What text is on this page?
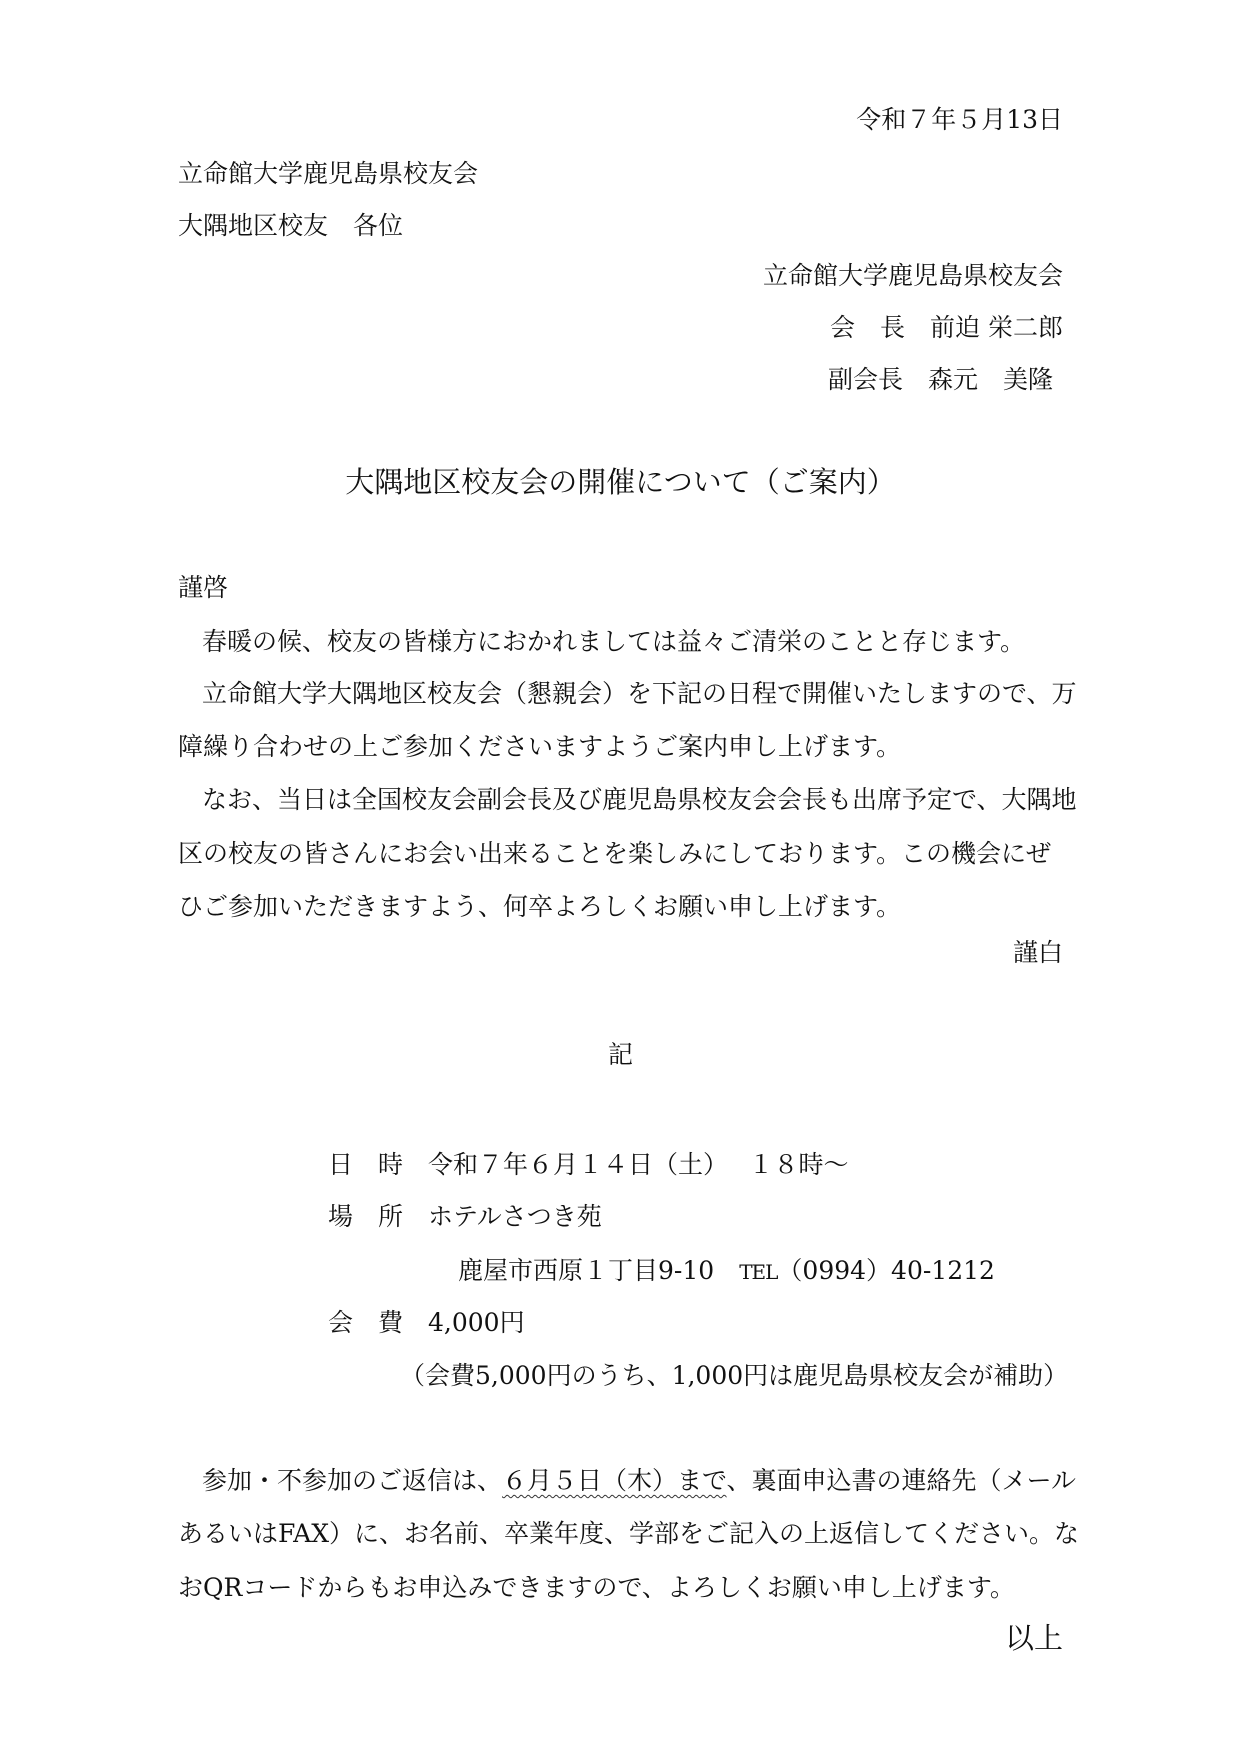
令和７年５月13日
立命館大学鹿児島県校友会
大隅地区校友　各位
立命館大学鹿児島県校友会
会　長　前迫 栄二郎
副会長　森元　美隆
大隅地区校友会の開催について（ご案内）
謹啓
春暖の候、校友の皆様方におかれましては益々ご清栄のことと存じます。
立命館大学大隅地区校友会（懇親会）を下記の日程で開催いたしますので、万
障繰り合わせの上ご参加くださいますようご案内申し上げます。
なお、当日は全国校友会副会長及び鹿児島県校友会会長も出席予定で、大隅地
区の校友の皆さんにお会い出来ることを楽しみにしております。この機会にぜ
ひご参加いただきますよう、何卒よろしくお願い申し上げます。
謹白
記
日　時 令和７年６月１４日（土）　 １８時～
場　所 ホテルさつき苑
鹿屋市西原１丁目9-10　 TEL（0994）40-1212
会　費 4,000円
（会費5,000円のうち、1,000円は鹿児島県校友会が補助）
参加・不参加のご返信は、６月５日（木）まで、裏面申込書の連絡先（メール
あるいはFAX）に、お名前、卒業年度、学部をご記入の上返信してください。な
おQRコードからもお申込みできますので、よろしくお願い申し上げます。
以上
